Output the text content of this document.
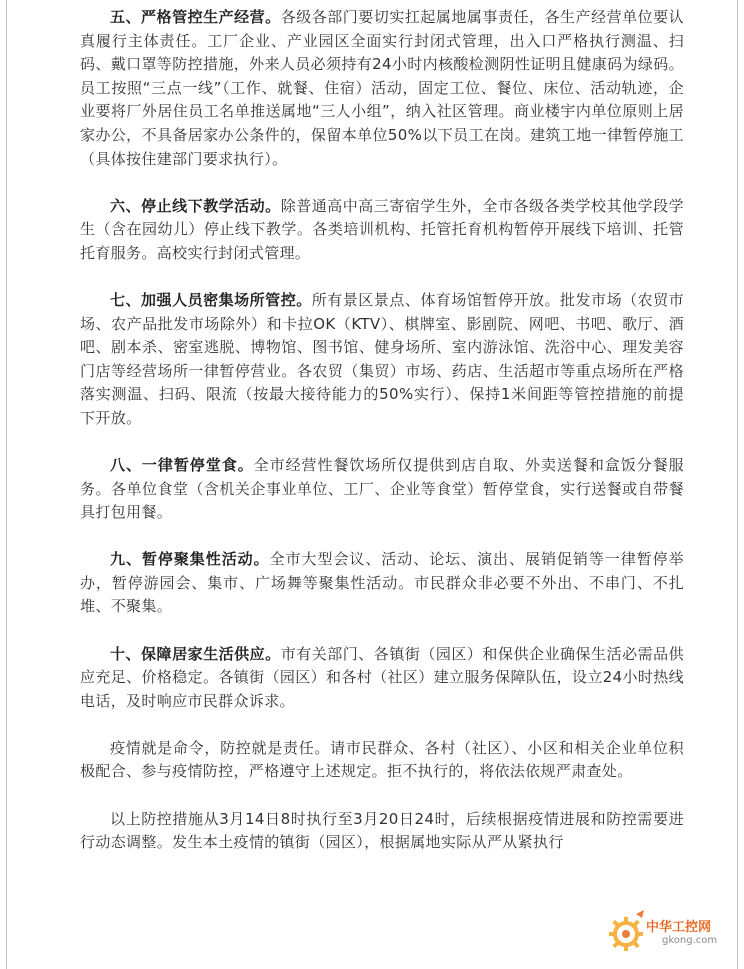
五、严格管控生产经营。各级各部门要切实扛起属地属事责任，各生产经营单位要认真履行主体责任。工厂企业、产业园区全面实行封闭式管理，出入口严格执行测温、扫码、戴口罩等防控措施，外来人员必须持有24小时内核酸检测阴性证明且健康码为绿码。员工按照“三点一线”（工作、就餐、住宿）活动，固定工位、餐位、床位、活动轨迹，企业要将厂外居住员工名单推送属地“三人小组”，纳入社区管理。商业楼宇内单位原则上居家办公，不具备居家办公条件的，保留本单位50%以下员工在岗。建筑工地一律暂停施工（具体按住建部门要求执行）。

六、停止线下教学活动。除普通高中高三寄宿学生外，全市各级各类学校其他学段学生（含在园幼儿）停止线下教学。各类培训机构、托管托育机构暂停开展线下培训、托管托育服务。高校实行封闭式管理。

七、加强人员密集场所管控。所有景区景点、体育场馆暂停开放。批发市场（农贸市场、农产品批发市场除外）和卡拉OK（KTV）、棋牌室、影剧院、网吧、书吧、歌厅、酒吧、剧本杀、密室逃脱、博物馆、图书馆、健身场所、室内游泳馆、洗浴中心、理发美容门店等经营场所一律暂停营业。各农贸（集贸）市场、药店、生活超市等重点场所在严格落实测温、扫码、限流（按最大接待能力的50%实行）、保持1米间距等管控措施的前提下开放。

八、一律暂停堂食。全市经营性餐饮场所仅提供到店自取、外卖送餐和盒饭分餐服务。各单位食堂（含机关企事业单位、工厂、企业等食堂）暂停堂食，实行送餐或自带餐具打包用餐。

九、暂停聚集性活动。全市大型会议、活动、论坛、演出、展销促销等一律暂停举办，暂停游园会、集市、广场舞等聚集性活动。市民群众非必要不外出、不串门、不扎堆、不聚集。

十、保障居家生活供应。市有关部门、各镇街（园区）和保供企业确保生活必需品供应充足、价格稳定。各镇街（园区）和各村（社区）建立服务保障队伍，设立24小时热线电话，及时响应市民群众诉求。

疫情就是命令，防控就是责任。请市民群众、各村（社区）、小区和相关企业单位积极配合、参与疫情防控，严格遵守上述规定。拒不执行的，将依法依规严肃查处。

以上防控措施从3月14日8时执行至3月20日24时，后续根据疫情进展和防控需要进行动态调整。发生本土疫情的镇街（园区），根据属地实际从严从紧执行

中华工控网
gkong.com
